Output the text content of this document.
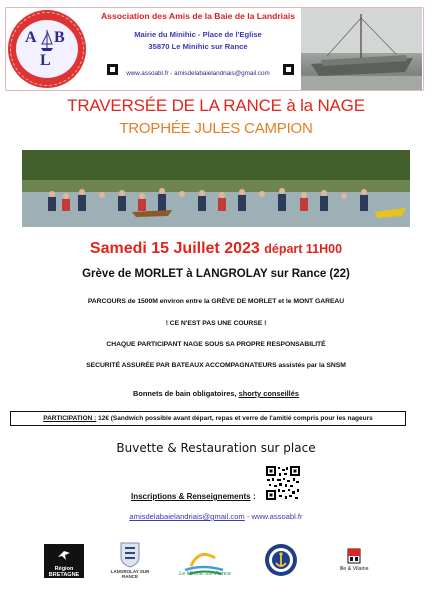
A B
L
Association des Amis de la Baie de la Landriais
Mairie du Minihic - Place de l'Eglise
35870 Le Minihic sur Rance
www.assoabl.fr - amisdelabaielandriais@gmail.com
TRAVERSÉE DE LA RANCE à la NAGE
TROPHÉE JULES CAMPION
Samedi 15 Juillet 2023 départ 11H00
Grève de MORLET à LANGROLAY sur Rance (22)
PARCOURS de 1500M environ entre la GRÈVE DE MORLET et le MONT GAREAU
! CE N'EST PAS UNE COURSE !
CHAQUE PARTICIPANT NAGE SOUS SA PROPRE RESPONSABILITÉ
SECURITÉ ASSURÉE PAR BATEAUX ACCOMPAGNATEURS assistés par la SNSM
Bonnets de bain obligatoires, shorty conseillés
PARTICIPATION : 12€ (Sandwich possible avant départ, repas et verre de l'amitié compris pour les nageurs
Buvette & Restauration sur place
Inscriptions & Renseignements :
amisdelabaielandriais@gmail.com - www.assoabl.fr
Région
BRETAGNE
LANGROLAY SUR RANCE	Le Minihic-sur-Rance
Ille & Vilaine
